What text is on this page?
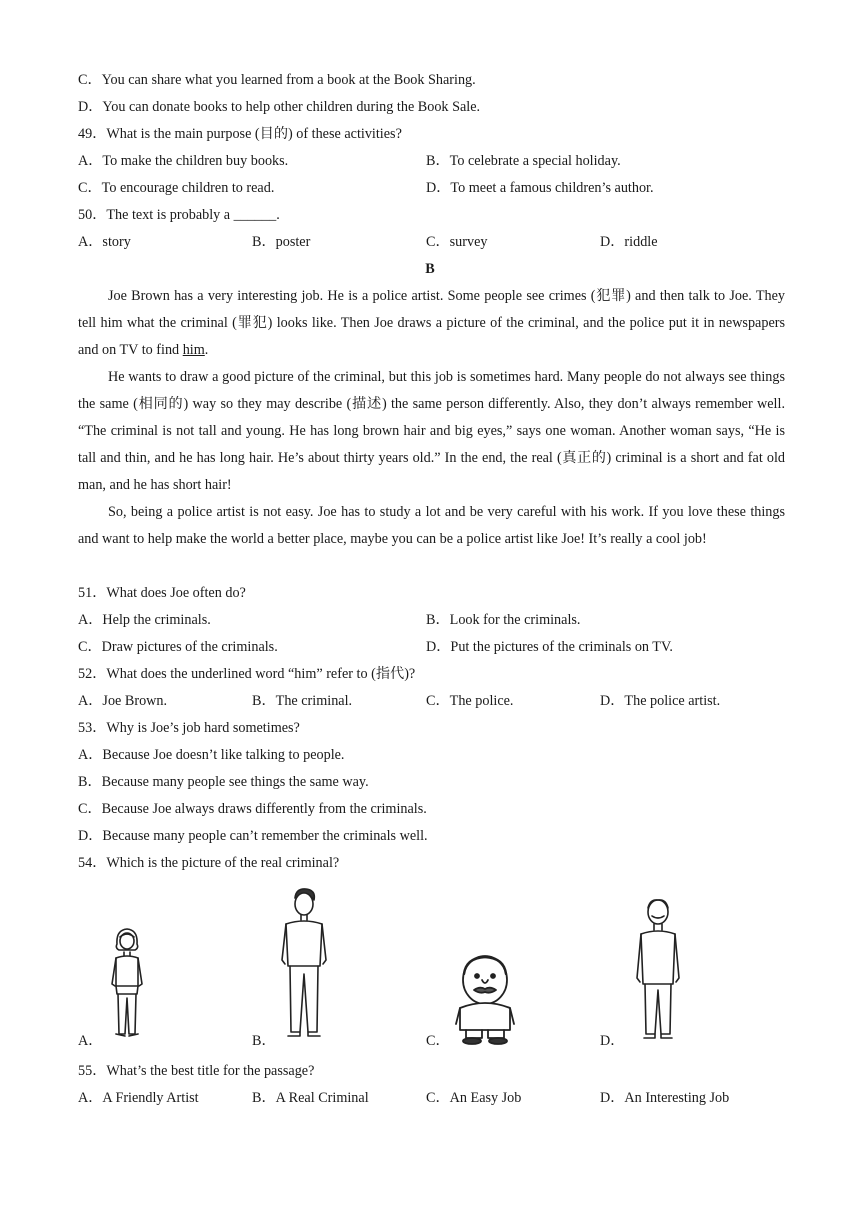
C．You can share what you learned from a book at the Book Sharing.
D．You can donate books to help other children during the Book Sale.
49．What is the main purpose (目的) of these activities?
A．To make the children buy books.	B．To celebrate a special holiday.
C．To encourage children to read.	D．To meet a famous children’s author.
50．The text is probably a ______.
A．story	B．poster	C．survey	D．riddle
B
Joe Brown has a very interesting job. He is a police artist. Some people see crimes (犯罪) and then talk to Joe. They tell him what the criminal (罪犯) looks like. Then Joe draws a picture of the criminal, and the police put it in newspapers and on TV to find him.
He wants to draw a good picture of the criminal, but this job is sometimes hard. Many people do not always see things the same (相同的) way so they may describe (描述) the same person differently. Also, they don’t always remember well. “The criminal is not tall and young. He has long brown hair and big eyes,” says one woman. Another woman says, “He is tall and thin, and he has long hair. He’s about thirty years old.” In the end, the real (真正的) criminal is a short and fat old man, and he has short hair!
So, being a police artist is not easy. Joe has to study a lot and be very careful with his work. If you love these things and want to help make the world a better place, maybe you can be a police artist like Joe! It’s really a cool job!
51．What does Joe often do?
A．Help the criminals.	B．Look for the criminals.
C．Draw pictures of the criminals.	D．Put the pictures of the criminals on TV.
52．What does the underlined word “him” refer to (指代)?
A．Joe Brown.	B．The criminal.	C．The police.	D．The police artist.
53．Why is Joe’s job hard sometimes?
A．Because Joe doesn’t like talking to people.
B．Because many people see things the same way.
C．Because Joe always draws differently from the criminals.
D．Because many people can’t remember the criminals well.
54．Which is the picture of the real criminal?
A．	B．	C．	D．
55．What’s the best title for the passage?
A．A Friendly Artist	B．A Real Criminal	C．An Easy Job	D．An Interesting Job
